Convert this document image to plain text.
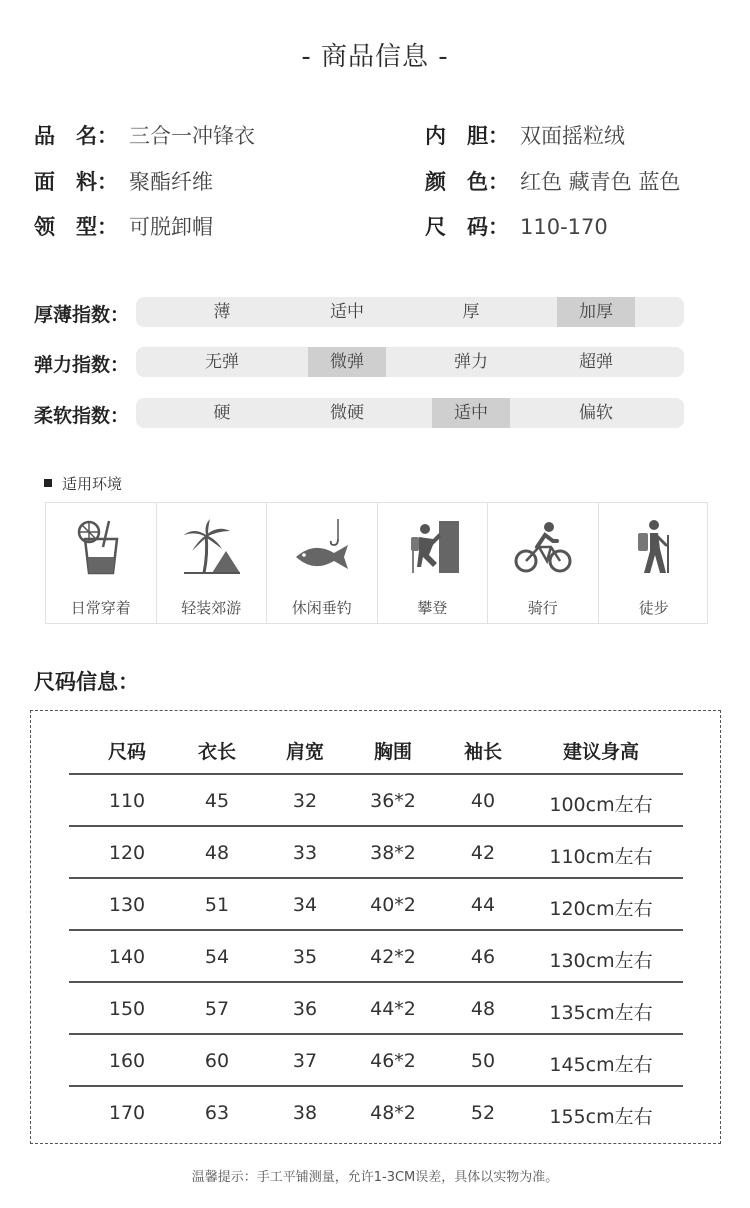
- 商品信息 -
品　名： 三合一冲锋衣
面　料： 聚酯纤维
领　型： 可脱卸帽
内　胆： 双面摇粒绒
颜　色： 红色 藏青色 蓝色
尺　码： 110-170
厚薄指数：	薄	适中	厚	加厚
弹力指数：	无弹	微弹	弹力	超弹
柔软指数：	硬	微硬	适中	偏软
适用环境
日常穿着	轻装郊游	休闲垂钓	攀登	骑行	徒步
尺码信息：
尺码	衣长	肩宽	胸围	袖长	建议身高
110	45	32	36*2	40	100cm左右
120	48	33	38*2	42	110cm左右
130	51	34	40*2	44	120cm左右
140	54	35	42*2	46	130cm左右
150	57	36	44*2	48	135cm左右
160	60	37	46*2	50	145cm左右
170	63	38	48*2	52	155cm左右
温馨提示：手工平铺测量，允许1-3CM误差，具体以实物为准。
